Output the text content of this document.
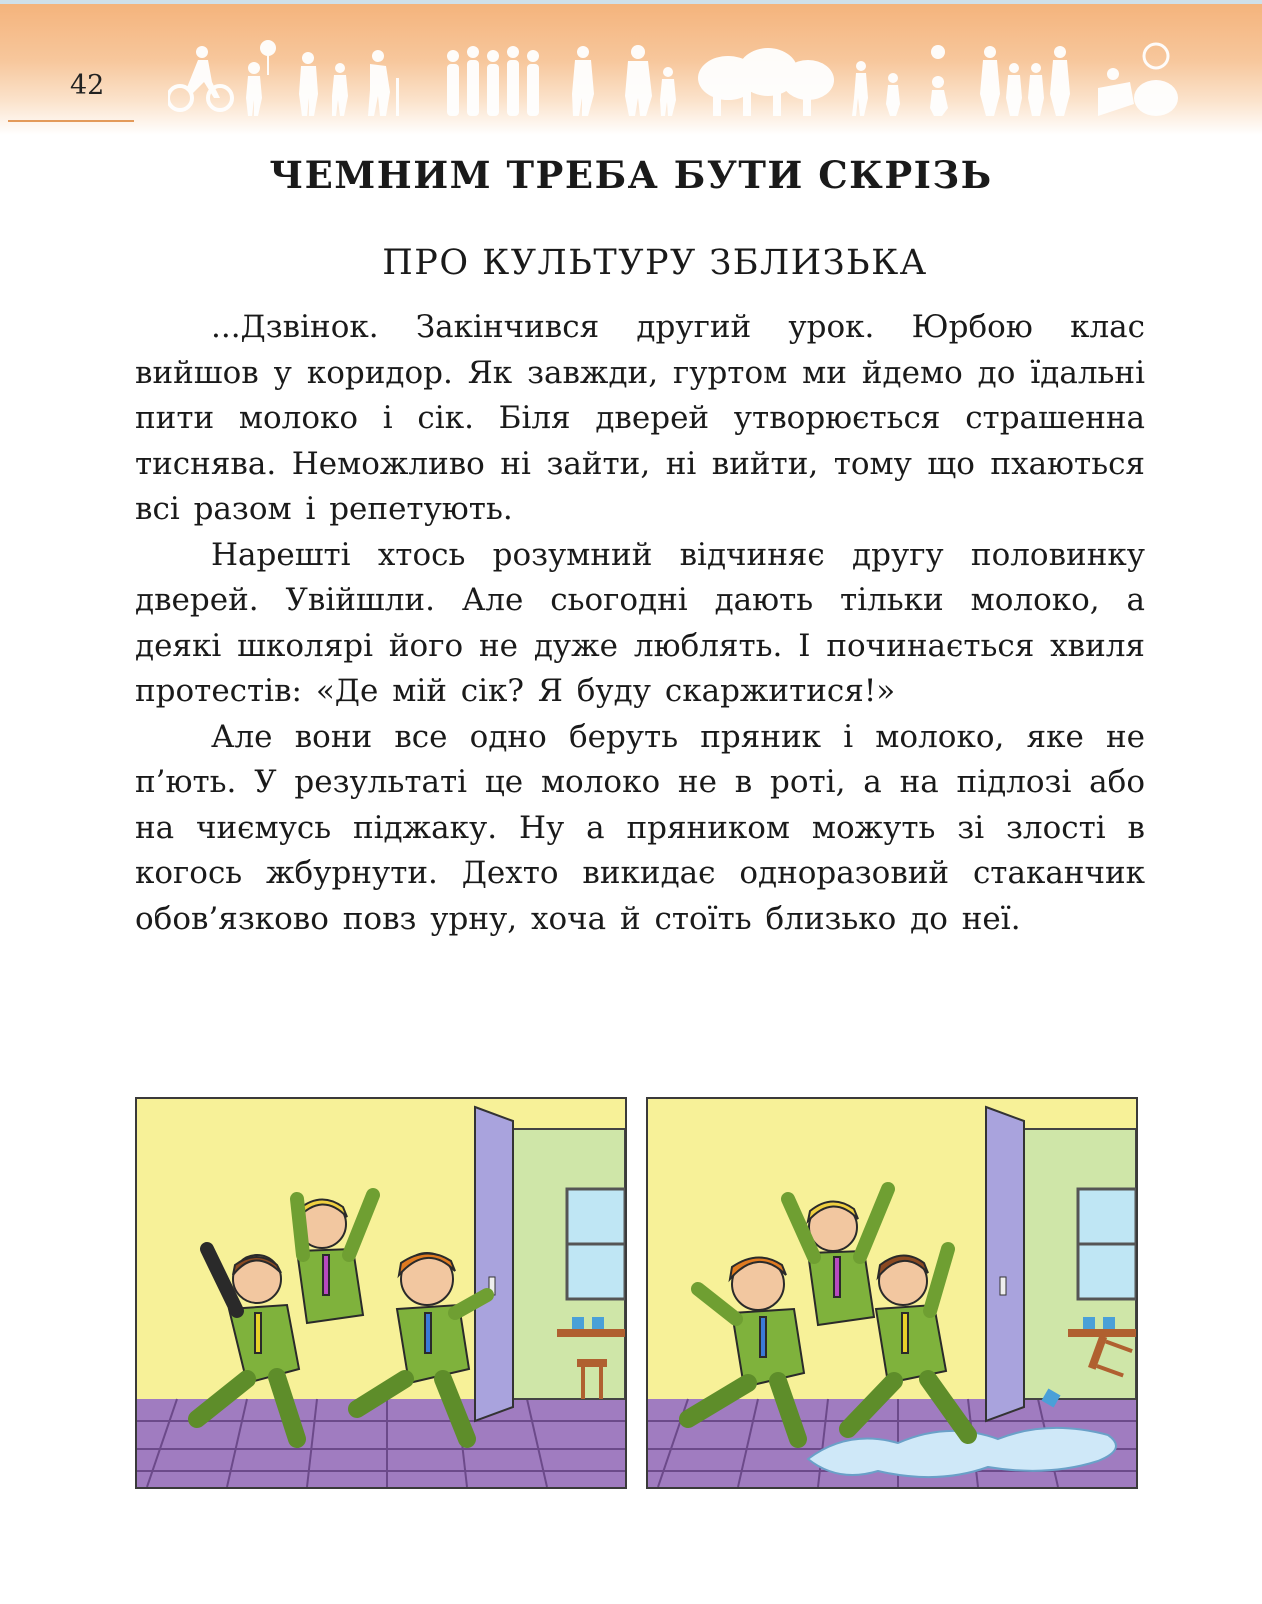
42
ЧЕМНИМ ТРЕБА БУТИ СКРІЗЬ
ПРО КУЛЬТУРУ ЗБЛИЗЬКА

...Дзвінок. Закінчився другий урок. Юрбою клас вийшов у коридор. Як завжди, гуртом ми йдемо до їдальні пити молоко і сік. Біля дверей утворюється страшенна тиснява. Неможливо ні зайти, ні вийти, тому що пхаються всі разом і репетують.

Нарешті хтось розумний відчиняє другу половинку дверей. Увійшли. Але сьогодні дають тільки молоко, а деякі школярі його не дуже люблять. І починається хвиля протестів: «Де мій сік? Я буду скаржитися!»

Але вони все одно беруть пряник і молоко, яке не п’ють. У результаті це молоко не в роті, а на підлозі або на чиємусь піджаку. Ну а пряником можуть зі злості в когось жбурнути. Дехто викидає одноразовий стаканчик обов’язково повз урну, хоча й стоїть близько до неї.
